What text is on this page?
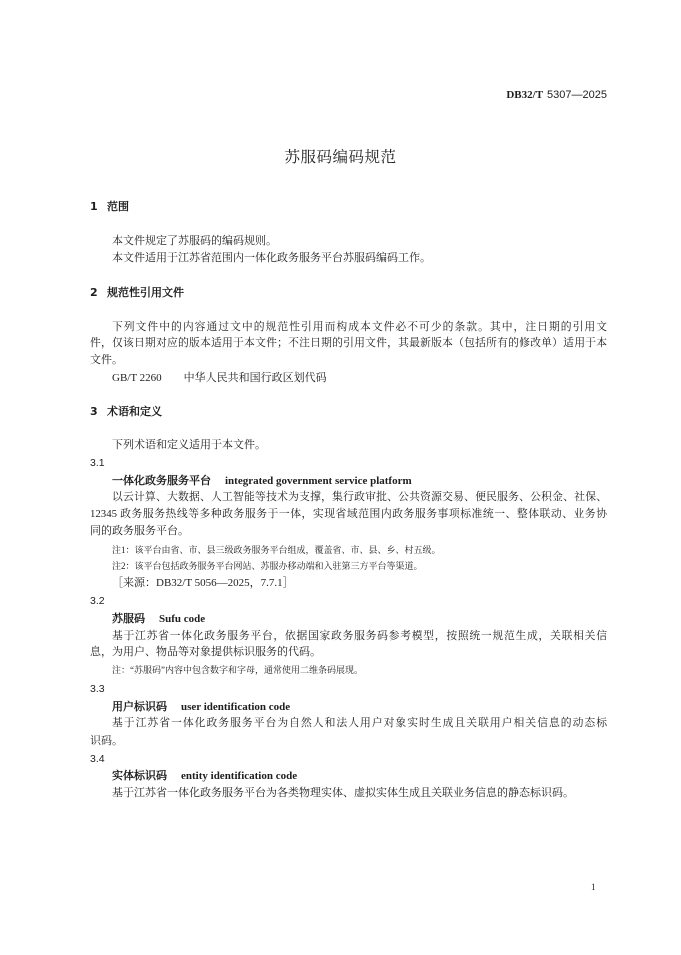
DB32/T 5307—2025
苏服码编码规范
1 范围
本文件规定了苏服码的编码规则。
本文件适用于江苏省范围内一体化政务服务平台苏服码编码工作。
2 规范性引用文件
下列文件中的内容通过文中的规范性引用而构成本文件必不可少的条款。其中，注日期的引用文
件，仅该日期对应的版本适用于本文件；不注日期的引用文件，其最新版本（包括所有的修改单）适用于本
文件。
GB/T 2260 中华人民共和国行政区划代码
3 术语和定义
下列术语和定义适用于本文件。
3.1
一体化政务服务平台 integrated government service platform
以云计算、大数据、人工智能等技术为支撑，集行政审批、公共资源交易、便民服务、公积金、社保、
12345 政务服务热线等多种政务服务于一体，实现省域范围内政务服务事项标准统一、整体联动、业务协
同的政务服务平台。
注1：该平台由省、市、县三级政务服务平台组成，覆盖省、市、县、乡、村五级。
注2：该平台包括政务服务平台网站、苏服办移动端和入驻第三方平台等渠道。
［来源：DB32/T 5056—2025，7.7.1］
3.2
苏服码 Sufu code
基于江苏省一体化政务服务平台，依据国家政务服务码参考模型，按照统一规范生成，关联相关信
息，为用户、物品等对象提供标识服务的代码。
注：“苏服码”内容中包含数字和字母，通常使用二维条码展现。
3.3
用户标识码 user identification code
基于江苏省一体化政务服务平台为自然人和法人用户对象实时生成且关联用户相关信息的动态标
识码。
3.4
实体标识码 entity identification code
基于江苏省一体化政务服务平台为各类物理实体、虚拟实体生成且关联业务信息的静态标识码。
1
